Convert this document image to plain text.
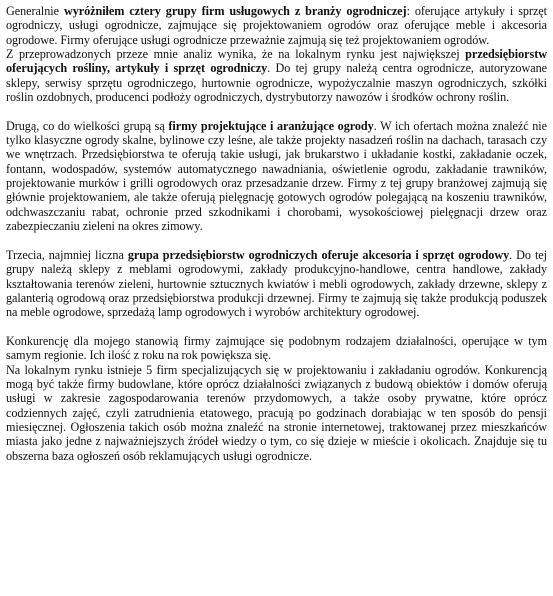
Generalnie wyróżniłem cztery grupy firm usługowych z branży ogrodniczej: oferujące artykuły i sprzęt ogrodniczy, usługi ogrodnicze, zajmujące się projektowaniem ogrodów oraz oferujące meble i akcesoria ogrodowe. Firmy oferujące usługi ogrodnicze przeważnie zajmują się też projektowaniem ogrodów.

Z przeprowadzonych przeze mnie analiz wynika, że na lokalnym rynku jest największej przedsiębiorstw oferujących rośliny, artykuły i sprzęt ogrodniczy. Do tej grupy należą centra ogrodnicze, autoryzowane sklepy, serwisy sprzętu ogrodniczego, hurtownie ogrodnicze, wypożyczalnie maszyn ogrodniczych, szkółki roślin ozdobnych, producenci podłoży ogrodniczych, dystrybutorzy nawozów i środków ochrony roślin.

Drugą, co do wielkości grupą są firmy projektujące i aranżujące ogrody. W ich ofertach można znaleźć nie tylko klasyczne ogrody skalne, bylinowe czy leśne, ale także projekty nasadzeń roślin na dachach, tarasach czy we wnętrzach. Przedsiębiorstwa te oferują takie usługi, jak brukarstwo i układanie kostki, zakładanie oczek, fontann, wodospadów, systemów automatycznego nawadniania, oświetlenie ogrodu, zakładanie trawników, projektowanie murków i grilli ogrodowych oraz przesadzanie drzew. Firmy z tej grupy branżowej zajmują się głównie projektowaniem, ale także oferują pielęgnację gotowych ogrodów polegającą na koszeniu trawników, odchwaszczaniu rabat, ochronie przed szkodnikami i chorobami, wysokościowej pielęgnacji drzew oraz zabezpieczaniu zieleni na okres zimowy.

Trzecia, najmniej liczna grupa przedsiębiorstw ogrodniczych oferuje akcesoria i sprzęt ogrodowy. Do tej grupy należą sklepy z meblami ogrodowymi, zakłady produkcyjno-handlowe, centra handlowe, zakłady kształtowania terenów zieleni, hurtownie sztucznych kwiatów i mebli ogrodowych, zakłady drzewne, sklepy z galanterią ogrodową oraz przedsiębiorstwa produkcji drzewnej. Firmy te zajmują się także produkcją poduszek na meble ogrodowe, sprzedażą lamp ogrodowych i wyrobów architektury ogrodowej.

Konkurencję dla mojego stanowią firmy zajmujące się podobnym rodzajem działalności, operujące w tym samym regionie. Ich ilość z roku na rok powiększa się.

Na lokalnym rynku istnieje 5 firm specjalizujących się w projektowaniu i zakładaniu ogrodów. Konkurencją mogą być także firmy budowlane, które oprócz działalności związanych z budową obiektów i domów oferują usługi w zakresie zagospodarowania terenów przydomowych, a także osoby prywatne, które oprócz codziennych zajęć, czyli zatrudnienia etatowego, pracują po godzinach dorabiając w ten sposób do pensji miesięcznej. Ogłoszenia takich osób można znaleźć na stronie internetowej, traktowanej przez mieszkańców miasta jako jedne z najważniejszych źródeł wiedzy o tym, co się dzieje w mieście i okolicach. Znajduje się tu obszerna baza ogłoszeń osób reklamujących usługi ogrodnicze.
